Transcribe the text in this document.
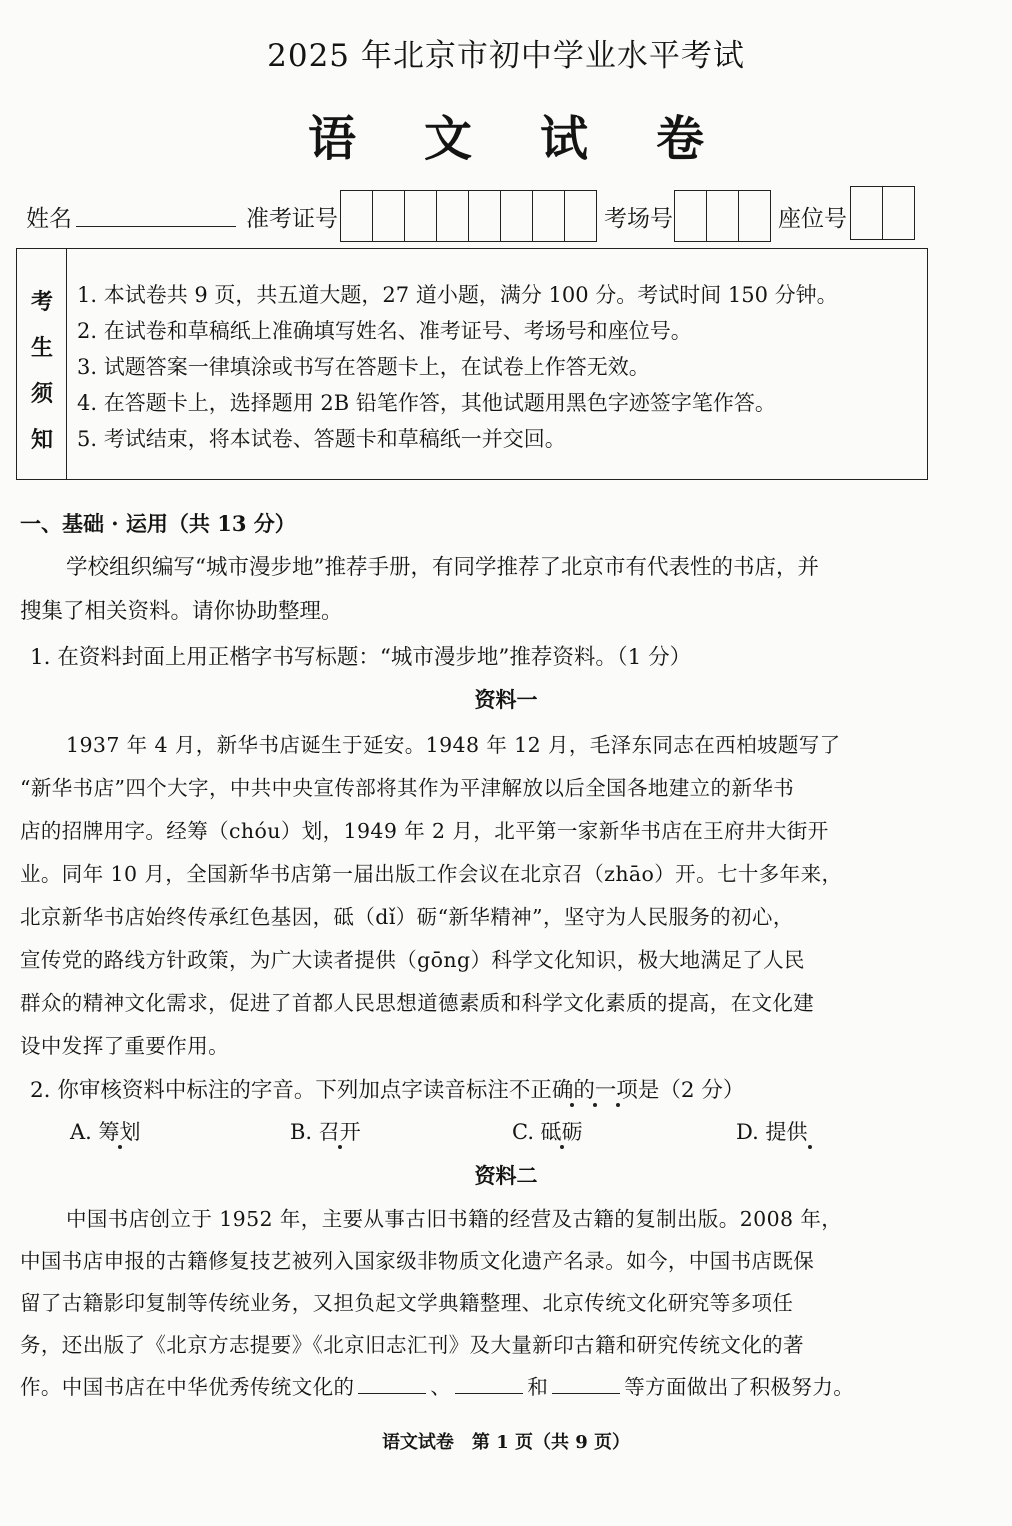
2025 年北京市初中学业水平考试
语 文 试 卷
姓名	准考证号	考场号	座位号
考
生
须
知
1. 本试卷共 9 页，共五道大题，27 道小题，满分 100 分。考试时间 150 分钟。
2. 在试卷和草稿纸上准确填写姓名、准考证号、考场号和座位号。
3. 试题答案一律填涂或书写在答题卡上，在试卷上作答无效。
4. 在答题卡上，选择题用 2B 铅笔作答，其他试题用黑色字迹签字笔作答。
5. 考试结束，将本试卷、答题卡和草稿纸一并交回。
一、基础 · 运用（共 13 分）
学校组织编写“城市漫步地”推荐手册，有同学推荐了北京市有代表性的书店，并
搜集了相关资料。请你协助整理。
1. 在资料封面上用正楷字书写标题：“城市漫步地”推荐资料。（1 分）
资料一
1937 年 4 月，新华书店诞生于延安。1948 年 12 月，毛泽东同志在西柏坡题写了
“新华书店”四个大字，中共中央宣传部将其作为平津解放以后全国各地建立的新华书
店的招牌用字。经筹（chóu）划，1949 年 2 月，北平第一家新华书店在王府井大街开
业。同年 10 月，全国新华书店第一届出版工作会议在北京召（zhāo）开。七十多年来，
北京新华书店始终传承红色基因，砥（dǐ）砺“新华精神”，坚守为人民服务的初心，
宣传党的路线方针政策，为广大读者提供（gōng）科学文化知识，极大地满足了人民
群众的精神文化需求，促进了首都人民思想道德素质和科学文化素质的提高，在文化建
设中发挥了重要作用。
2. 你审核资料中标注的字音。下列加点字读音标注不正确的一项是（2 分）
A. 筹划	B. 召开	C. 砥砺	D. 提供
资料二
中国书店创立于 1952 年，主要从事古旧书籍的经营及古籍的复制出版。2008 年，
中国书店申报的古籍修复技艺被列入国家级非物质文化遗产名录。如今，中国书店既保
留了古籍影印复制等传统业务，又担负起文学典籍整理、北京传统文化研究等多项任
务，还出版了《北京方志提要》《北京旧志汇刊》及大量新印古籍和研究传统文化的著
作。中国书店在中华优秀传统文化的	、	和	等方面做出了积极努力。
语文试卷　第 1 页（共 9 页）
